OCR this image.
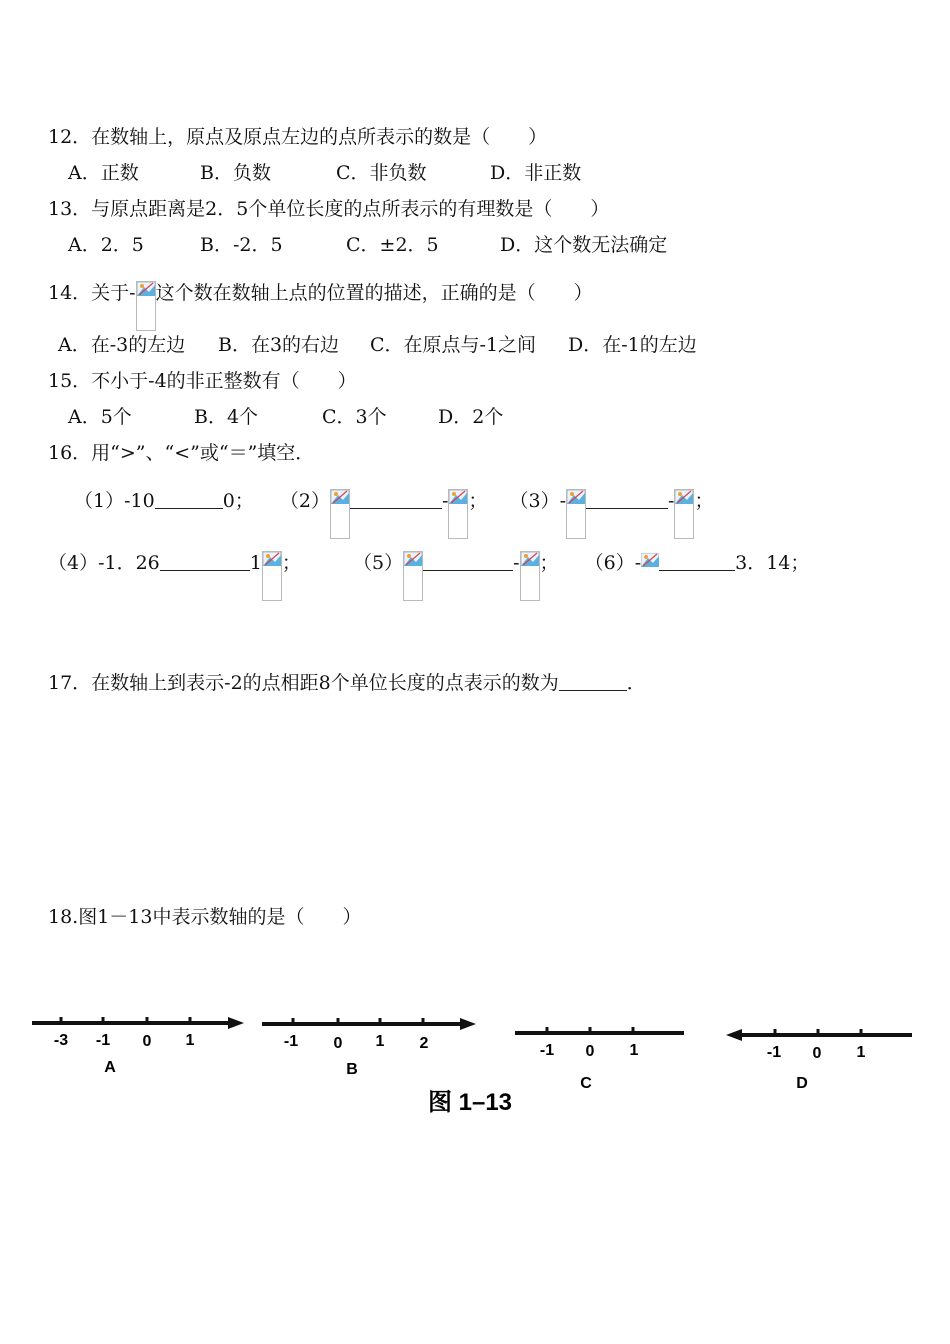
12．在数轴上，原点及原点左边的点所表示的数是（　　）
A．正数	B．负数	C．非负数	D．非正数
13．与原点距离是2．5个单位长度的点所表示的有理数是（　　）
A．2．5	B．-2．5	C．±2．5	D．这个数无法确定
14．关于- 这个数在数轴上点的位置的描述，正确的是（　　）
A．在-3的左边 B．在3的右边 C．在原点与-1之间 D．在-1的左边
15．不小于-4的非正整数有（　　）
A．5个	B．4个	C．3个	D．2个
16．用“>”、“<”或“＝”填空．
（1）-10	0； （2）	- ； （3）-	- ；
（4）-1．26	1 ；	（5）	- ； （6）-	3．14；
17．在数轴上到表示-2的点相距8个单位长度的点表示的数为	．
18.图1－13中表示数轴的是（　　）
-3 -1 0 1
A
-1 0 1 2
B
-1 0 1
C
-1 0 1
D
图 1–13
